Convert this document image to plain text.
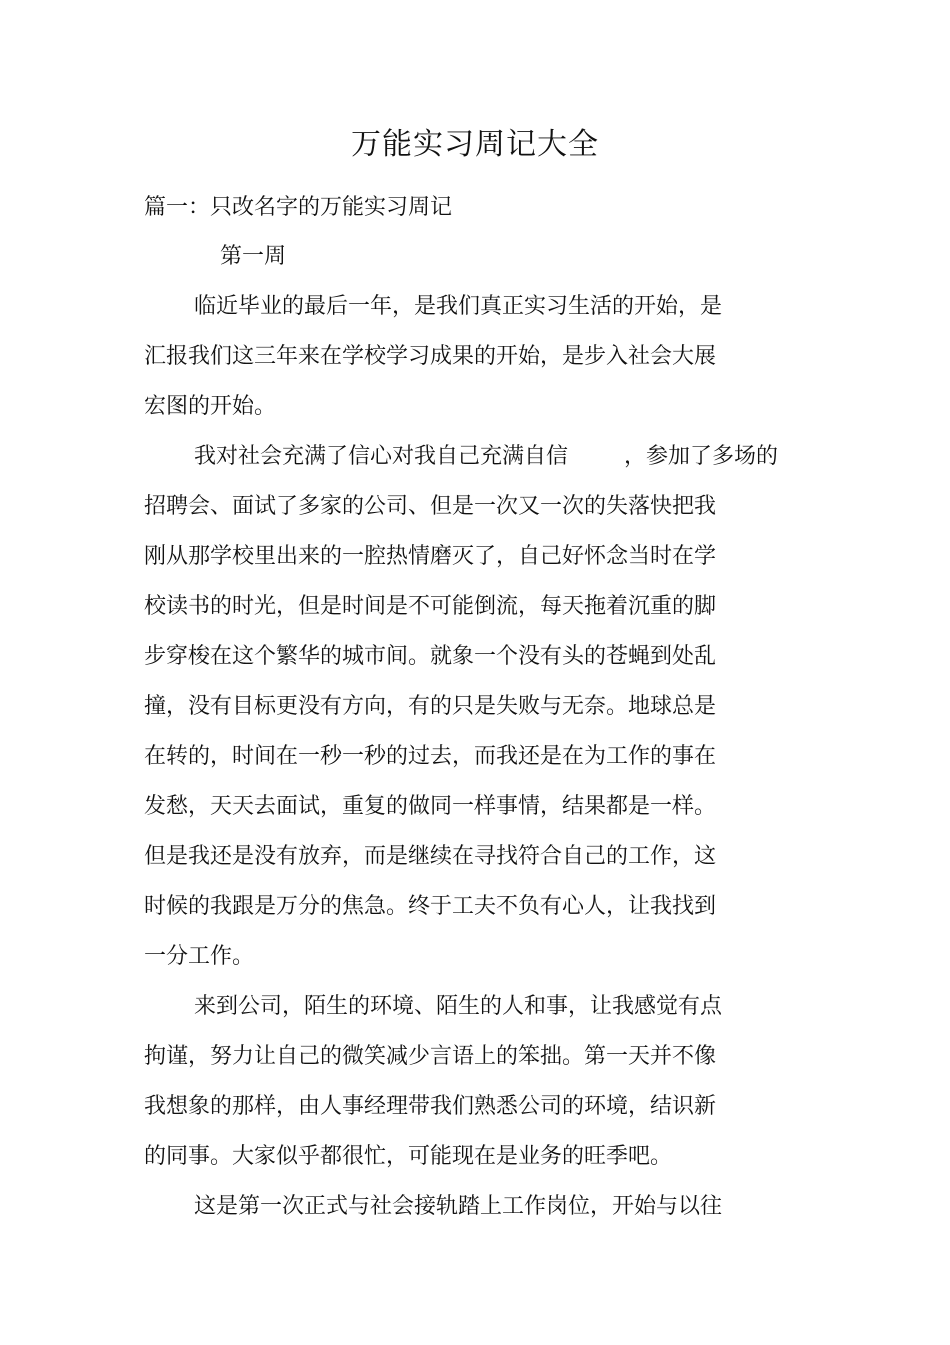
万能实习周记大全
篇一：只改名字的万能实习周记
第一周
临近毕业的最后一年，是我们真正实习生活的开始，是
汇报我们这三年来在学校学习成果的开始，是步入社会大展
宏图的开始。
我对社会充满了信心对我自己充满自信        ，参加了多场的
招聘会、面试了多家的公司、但是一次又一次的失落快把我
刚从那学校里出来的一腔热情磨灭了，自己好怀念当时在学
校读书的时光，但是时间是不可能倒流，每天拖着沉重的脚
步穿梭在这个繁华的城市间。就象一个没有头的苍蝇到处乱
撞，没有目标更没有方向，有的只是失败与无奈。地球总是
在转的，时间在一秒一秒的过去，而我还是在为工作的事在
发愁，天天去面试，重复的做同一样事情，结果都是一样。
但是我还是没有放弃，而是继续在寻找符合自己的工作，这
时候的我跟是万分的焦急。终于工夫不负有心人，让我找到
一分工作。
来到公司，陌生的环境、陌生的人和事，让我感觉有点
拘谨，努力让自己的微笑减少言语上的笨拙。第一天并不像
我想象的那样，由人事经理带我们熟悉公司的环境，结识新
的同事。大家似乎都很忙，可能现在是业务的旺季吧。
这是第一次正式与社会接轨踏上工作岗位，开始与以往
